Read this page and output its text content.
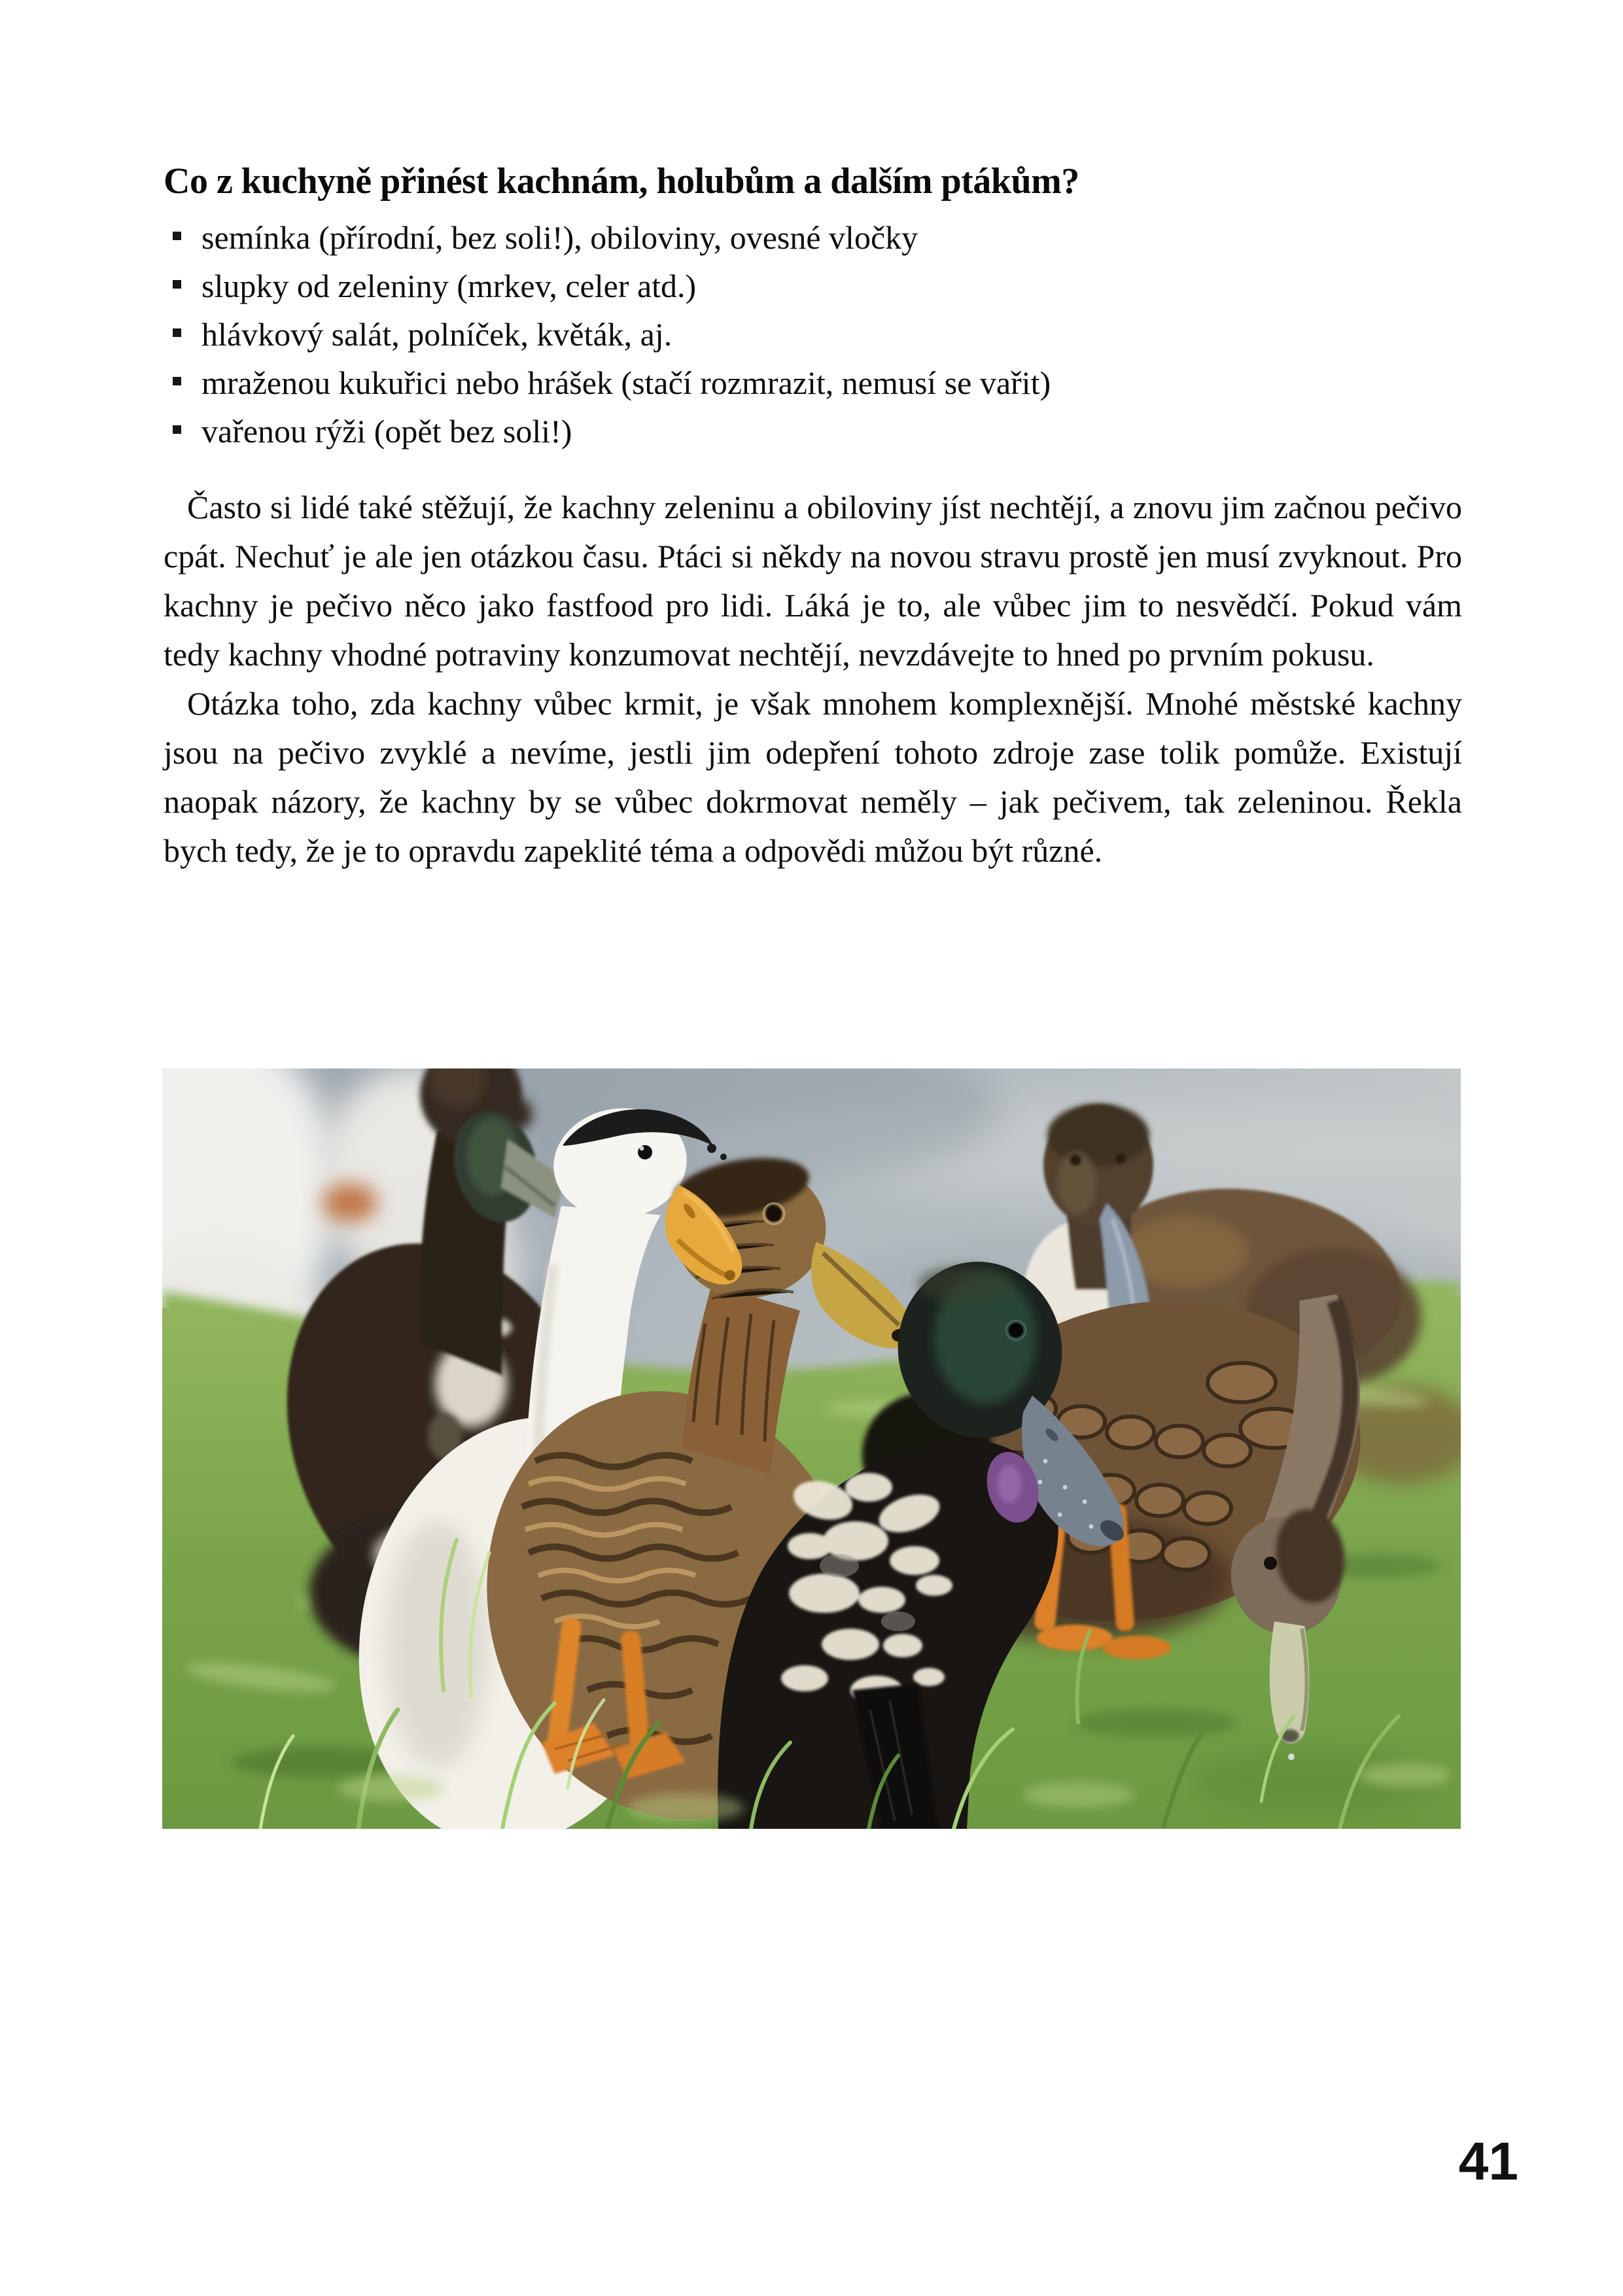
Co z kuchyně přinést kachnám, holubům a dalším ptákům?
semínka (přírodní, bez soli!), obiloviny, ovesné vločky
slupky od zeleniny (mrkev, celer atd.)
hlávkový salát, polníček, květák, aj.
mraženou kukuřici nebo hrášek (stačí rozmrazit, nemusí se vařit)
vařenou rýži (opět bez soli!)

Často si lidé také stěžují, že kachny zeleninu a obiloviny jíst nechtějí, a znovu jim začnou pečivo cpát. Nechuť je ale jen otázkou času. Ptáci si někdy na novou stravu prostě jen musí zvyknout. Pro kachny je pečivo něco jako fastfood pro lidi. Láká je to, ale vůbec jim to nesvědčí. Pokud vám tedy kachny vhodné potraviny konzumovat nechtějí, nevzdávejte to hned po prvním pokusu.

Otázka toho, zda kachny vůbec krmit, je však mnohem komplexnější. Mnohé městské kachny jsou na pečivo zvyklé a nevíme, jestli jim odepření tohoto zdroje zase tolik pomůže. Existují naopak názory, že kachny by se vůbec dokrmovat neměly – jak pečivem, tak zeleninou. Řekla bych tedy, že je to opravdu zapeklité téma a odpovědi můžou být různé.

41
